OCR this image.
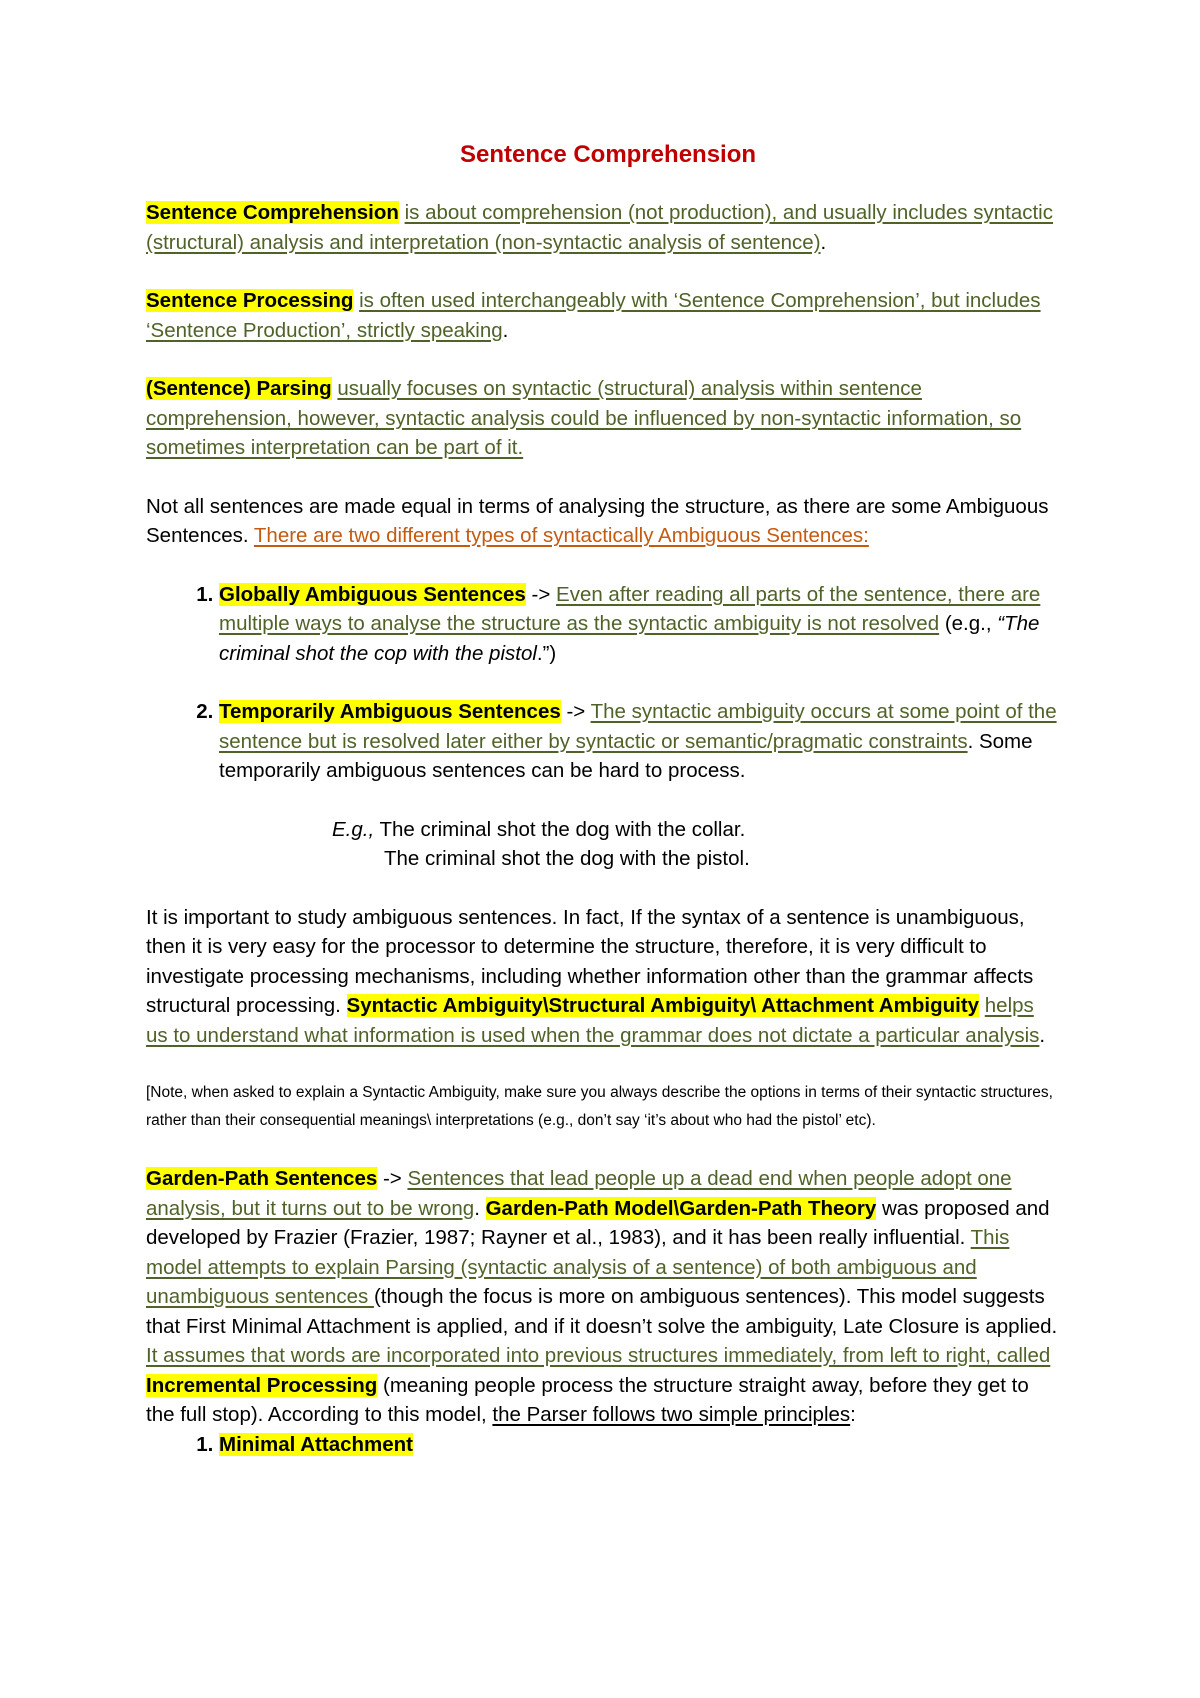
Sentence Comprehension

Sentence Comprehension is about comprehension (not production), and usually includes syntactic (structural) analysis and interpretation (non-syntactic analysis of sentence).

Sentence Processing is often used interchangeably with ‘Sentence Comprehension’, but includes ‘Sentence Production’, strictly speaking.

(Sentence) Parsing usually focuses on syntactic (structural) analysis within sentence comprehension, however, syntactic analysis could be influenced by non-syntactic information, so sometimes interpretation can be part of it.

Not all sentences are made equal in terms of analysing the structure, as there are some Ambiguous Sentences. There are two different types of syntactically Ambiguous Sentences:

1. Globally Ambiguous Sentences -> Even after reading all parts of the sentence, there are multiple ways to analyse the structure as the syntactic ambiguity is not resolved (e.g., “The criminal shot the cop with the pistol.”)
2. Temporarily Ambiguous Sentences -> The syntactic ambiguity occurs at some point of the sentence but is resolved later either by syntactic or semantic/pragmatic constraints. Some temporarily ambiguous sentences can be hard to process.
E.g., The criminal shot the dog with the collar.
The criminal shot the dog with the pistol.

It is important to study ambiguous sentences. In fact, If the syntax of a sentence is unambiguous, then it is very easy for the processor to determine the structure, therefore, it is very difficult to investigate processing mechanisms, including whether information other than the grammar affects structural processing. Syntactic Ambiguity\Structural Ambiguity\ Attachment Ambiguity helps us to understand what information is used when the grammar does not dictate a particular analysis.

[Note, when asked to explain a Syntactic Ambiguity, make sure you always describe the options in terms of their syntactic structures, rather than their consequential meanings\ interpretations (e.g., don’t say ‘it’s about who had the pistol’ etc).

Garden-Path Sentences -> Sentences that lead people up a dead end when people adopt one analysis, but it turns out to be wrong. Garden-Path Model\Garden-Path Theory was proposed and developed by Frazier (Frazier, 1987; Rayner et al., 1983), and it has been really influential. This model attempts to explain Parsing (syntactic analysis of a sentence) of both ambiguous and unambiguous sentences (though the focus is more on ambiguous sentences). This model suggests that First Minimal Attachment is applied, and if it doesn’t solve the ambiguity, Late Closure is applied. It assumes that words are incorporated into previous structures immediately, from left to right, called Incremental Processing (meaning people process the structure straight away, before they get to the full stop). According to this model, the Parser follows two simple principles:

1. Minimal Attachment
